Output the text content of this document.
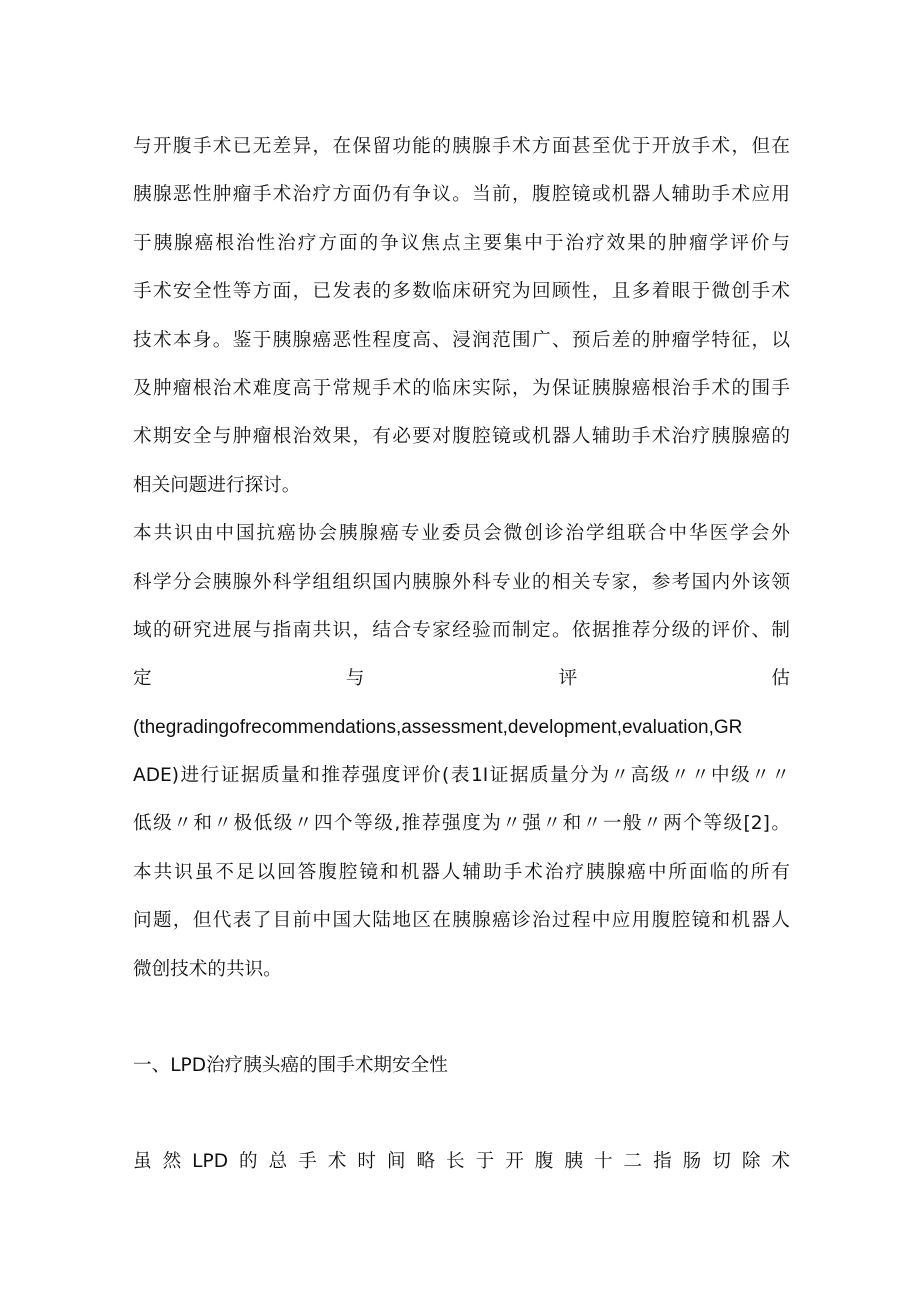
与开腹手术已无差异，在保留功能的胰腺手术方面甚至优于开放手术，但在
胰腺恶性肿瘤手术治疗方面仍有争议。当前，腹腔镜或机器人辅助手术应用
于胰腺癌根治性治疗方面的争议焦点主要集中于治疗效果的肿瘤学评价与
手术安全性等方面，已发表的多数临床研究为回顾性，且多着眼于微创手术
技术本身。鉴于胰腺癌恶性程度高、浸润范围广、预后差的肿瘤学特征，以
及肿瘤根治术难度高于常规手术的临床实际，为保证胰腺癌根治手术的围手
术期安全与肿瘤根治效果，有必要对腹腔镜或机器人辅助手术治疗胰腺癌的
相关问题进行探讨。
本共识由中国抗癌协会胰腺癌专业委员会微创诊治学组联合中华医学会外
科学分会胰腺外科学组组织国内胰腺外科专业的相关专家，参考国内外该领
域的研究进展与指南共识，结合专家经验而制定。依据推荐分级的评价、制
定 与 评 估
(thegradingofrecommendations,assessment,development,evaluation,GR
ADE)进行证据质量和推荐强度评价(表1I证据质量分为〃高级〃〃中级〃〃
低级〃和〃极低级〃四个等级,推荐强度为〃强〃和〃一般〃两个等级[2]。
本共识虽不足以回答腹腔镜和机器人辅助手术治疗胰腺癌中所面临的所有
问题，但代表了目前中国大陆地区在胰腺癌诊治过程中应用腹腔镜和机器人
微创技术的共识。
一、LPD治疗胰头癌的围手术期安全性
虽然LPD的总手术时间略长于开腹胰十二指肠切除术
